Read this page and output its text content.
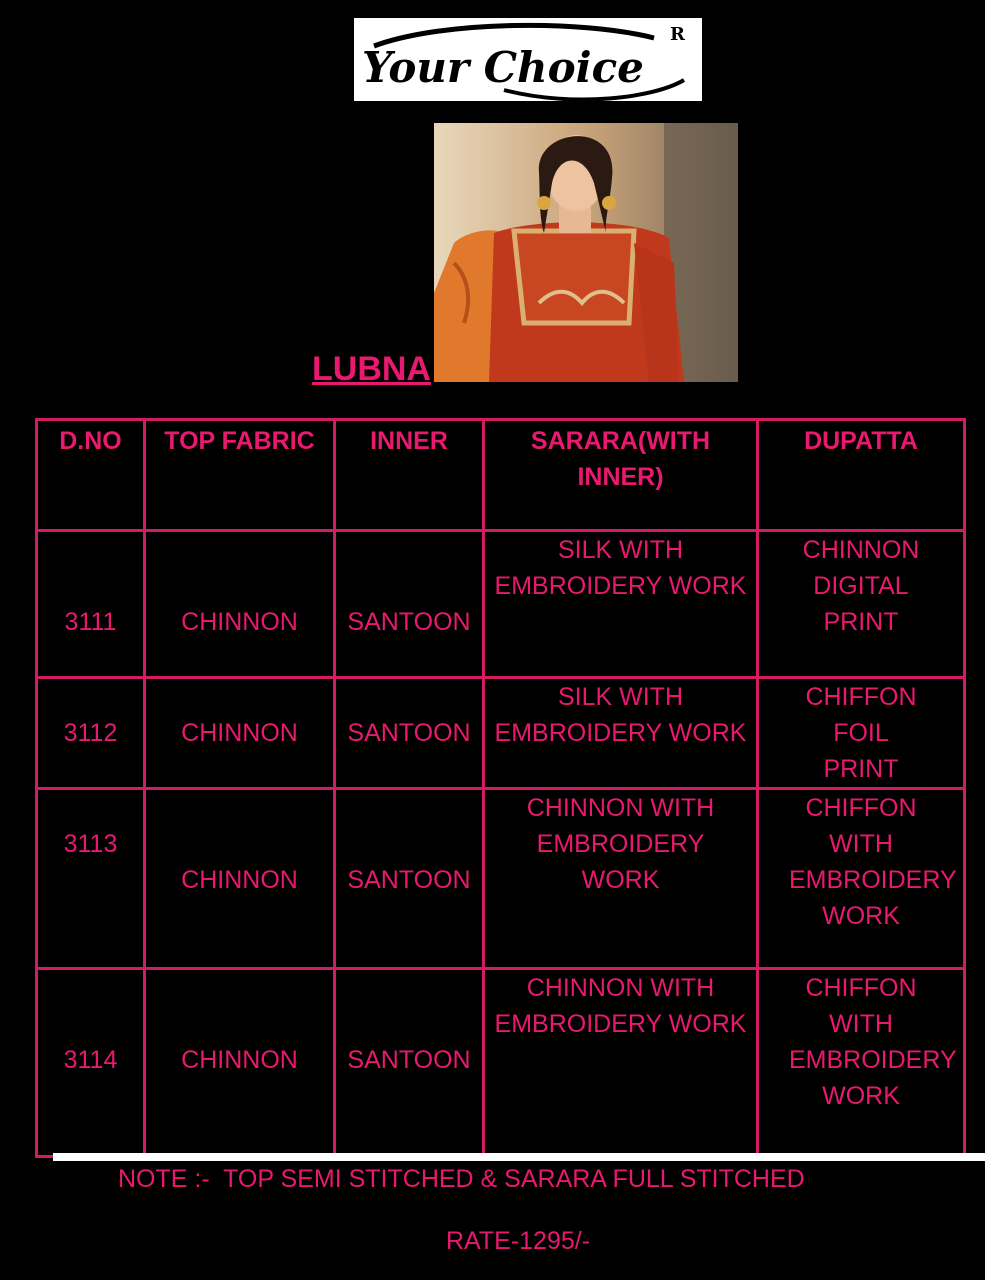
Your Choice
R
LUBNA
D.NO	TOP FABRIC	INNER	SARARA(WITH INNER)	DUPATTA
3111	CHINNON	SANTOON	SILK WITH EMBROIDERY WORK	CHINNON DIGITAL PRINT
3112	CHINNON	SANTOON	SILK WITH EMBROIDERY WORK	CHIFFON FOIL PRINT
3113	CHINNON	SANTOON	CHINNON WITH EMBROIDERY WORK	CHIFFON WITH EMBROIDERY WORK
3114	CHINNON	SANTOON	CHINNON WITH EMBROIDERY WORK	CHIFFON WITH EMBROIDERY WORK
NOTE :-  TOP SEMI STITCHED & SARARA FULL STITCHED
RATE-1295/-
